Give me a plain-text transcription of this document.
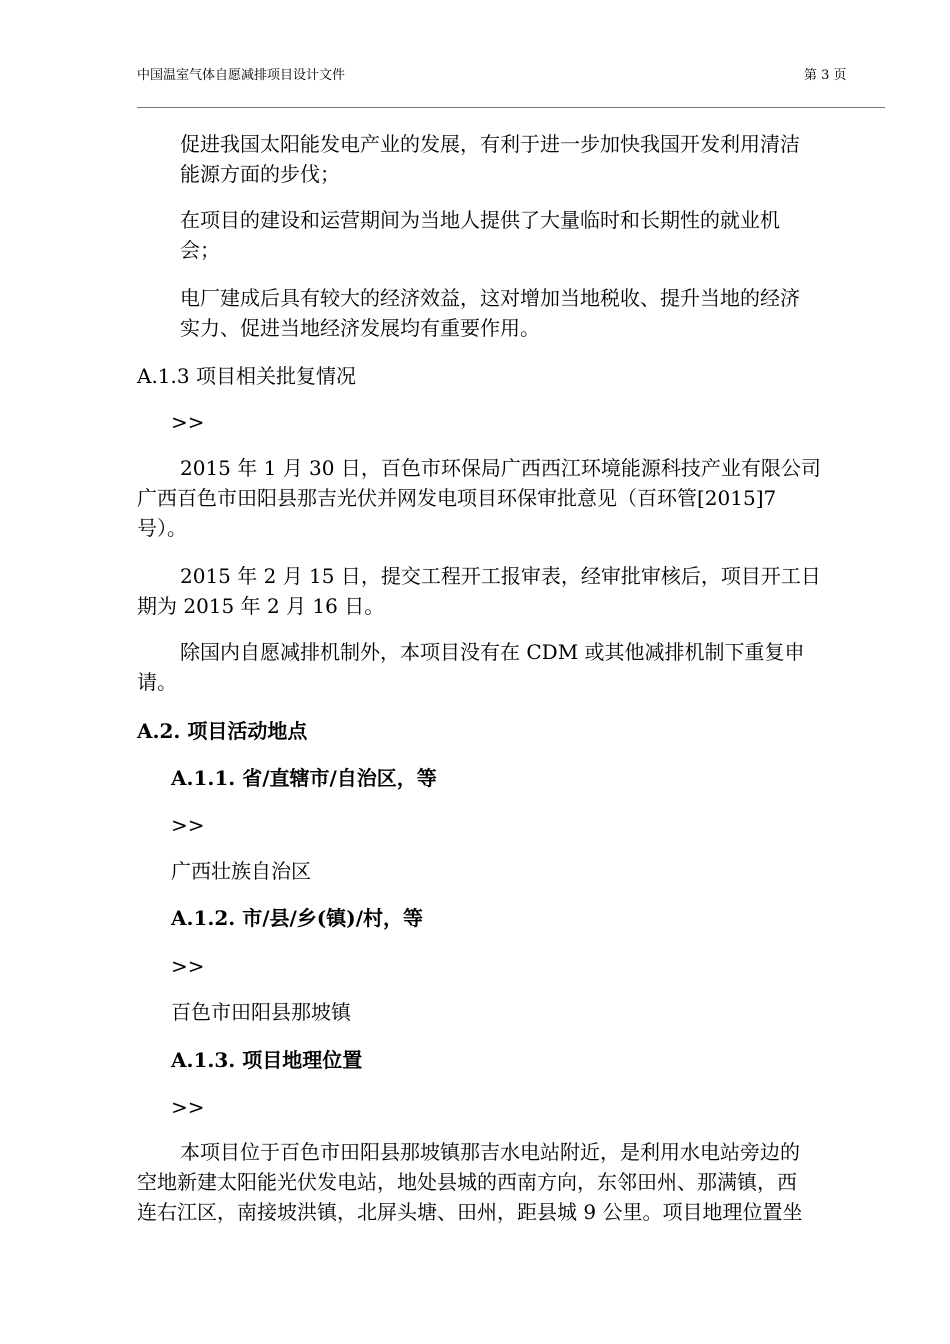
中国温室气体自愿减排项目设计文件	第 3 页
促进我国太阳能发电产业的发展，有利于进一步加快我国开发利用清洁
能源方面的步伐；
在项目的建设和运营期间为当地人提供了大量临时和长期性的就业机
会；
电厂建成后具有较大的经济效益，这对增加当地税收、提升当地的经济
实力、促进当地经济发展均有重要作用。
A.1.3 项目相关批复情况
>>
2015 年 1 月 30 日，百色市环保局广西西江环境能源科技产业有限公司
广西百色市田阳县那吉光伏并网发电项目环保审批意见（百环管[2015]7
号）。
2015 年 2 月 15 日，提交工程开工报审表，经审批审核后，项目开工日
期为 2015 年 2 月 16 日。
除国内自愿减排机制外，本项目没有在 CDM 或其他减排机制下重复申
请。
A.2. 项目活动地点
A.1.1. 省/直辖市/自治区，等
>>
广西壮族自治区
A.1.2. 市/县/乡(镇)/村，等
>>
百色市田阳县那坡镇
A.1.3. 项目地理位置
>>
本项目位于百色市田阳县那坡镇那吉水电站附近，是利用水电站旁边的
空地新建太阳能光伏发电站，地处县城的西南方向，东邻田州、那满镇，西
连右江区，南接坡洪镇，北屏头塘、田州，距县城 9 公里。项目地理位置坐
